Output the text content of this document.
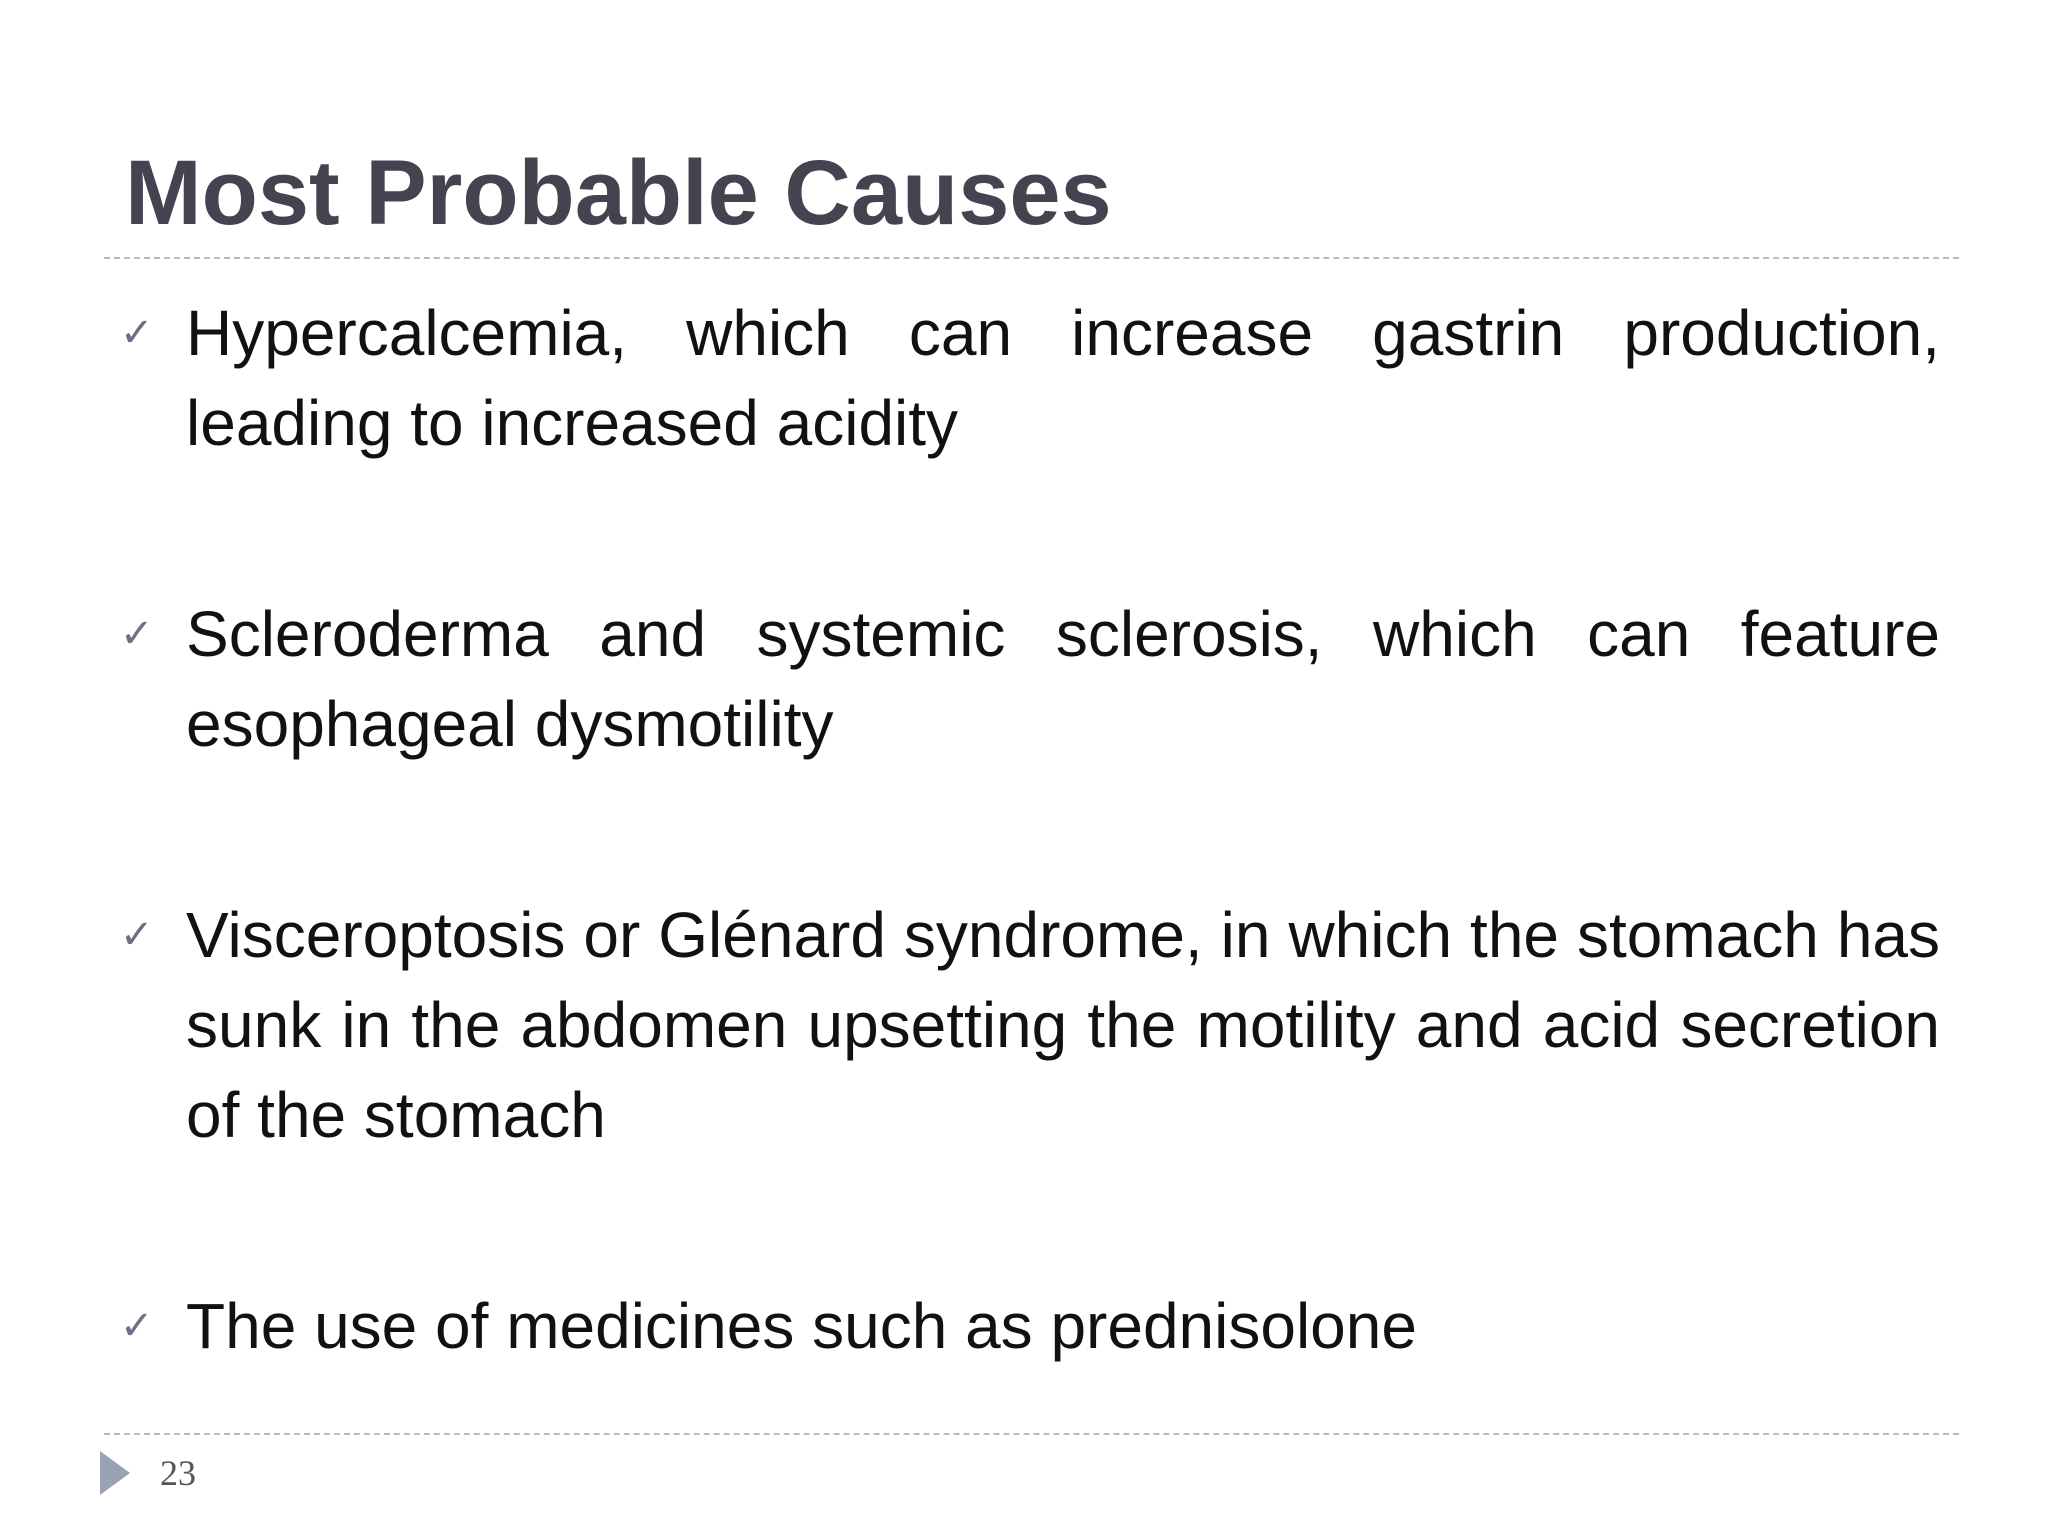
Most Probable Causes
✓ Hypercalcemia, which can increase gastrin production, leading to increased acidity
✓ Scleroderma and systemic sclerosis, which can feature esophageal dysmotility
✓ Visceroptosis or Glénard syndrome, in which the stomach has sunk in the abdomen upsetting the motility and acid secretion of the stomach
✓ The use of medicines such as prednisolone
23
